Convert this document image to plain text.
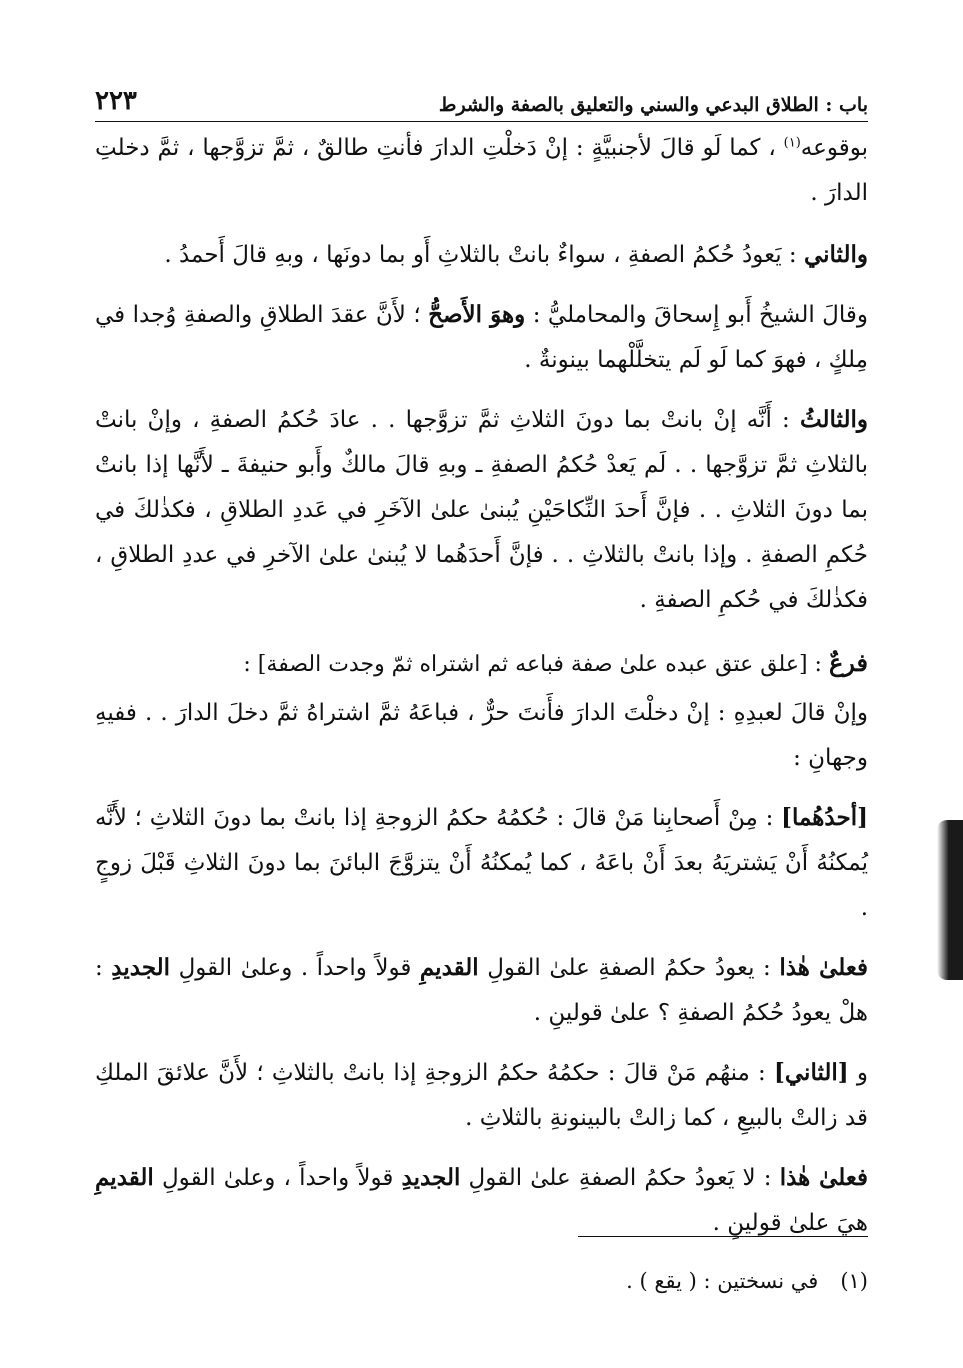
باب : الطلاق البدعي والسني والتعليق بالصفة والشرط
٢٢٣

بوقوعه$^{(١)}$ ، كما لَو قالَ لأجنبيَّةٍ : إنْ دَخلْتِ الدارَ فأنتِ طالقٌ ، ثمَّ تزوَّجها ، ثمَّ دخلتِ الدارَ .

والثاني : يَعودُ حُكمُ الصفةِ ، سواءٌ بانتْ بالثلاثِ أَو بما دونَها ، وبهِ قالَ أَحمدُ .

وقالَ الشيخُ أَبو إِسحاقَ والمحامليُّ : وهوَ الأَصحُّ ؛ لأَنَّ عقدَ الطلاقِ والصفةِ وُجدا في مِلكٍ ، فهوَ كما لَو لَم يتخلَّلْهما بينونةٌ .

والثالثُ : أَنَّه إنْ بانتْ بما دونَ الثلاثِ ثمَّ تزوَّجها . . عادَ حُكمُ الصفةِ ، وإنْ بانتْ بالثلاثِ ثمَّ تزوَّجها . . لَم يَعدْ حُكمُ الصفةِ ـ وبهِ قالَ مالكٌ وأَبو حنيفةَ ـ لأَنَّها إذا بانتْ بما دونَ الثلاثِ . . فإنَّ أَحدَ النِّكاحَيْنِ يُبنىٰ علىٰ الآخَرِ في عَددِ الطلاقِ ، فكذٰلكَ في حُكمِ الصفةِ . وإذا بانتْ بالثلاثِ . . فإنَّ أَحدَهُما لا يُبنىٰ علىٰ الآخرِ في عددِ الطلاقِ ، فكذٰلكَ في حُكمِ الصفةِ .

فرعٌ : [علق عتق عبده علىٰ صفة فباعه ثم اشتراه ثمّ وجدت الصفة] :

وإنْ قالَ لعبدِهِ : إنْ دخلْتَ الدارَ فأَنتَ حرٌّ ، فباعَهُ ثمَّ اشتراهُ ثمَّ دخلَ الدارَ . . ففيهِ وجهانِ :

[أحدُهُما] : مِنْ أَصحابِنا مَنْ قالَ : حُكمُهُ حكمُ الزوجةِ إذا بانتْ بما دونَ الثلاثِ ؛ لأَنَّه يُمكنُهُ أَنْ يَشتريَهُ بعدَ أَنْ باعَهُ ، كما يُمكنُهُ أَنْ يتزوَّجَ البائنَ بما دونَ الثلاثِ قَبْلَ زوجٍ .

فعلىٰ هٰذا : يعودُ حكمُ الصفةِ علىٰ القولِ القديمِ قولاً واحداً . وعلىٰ القولِ الجديدِ : هلْ يعودُ حُكمُ الصفةِ ؟ علىٰ قولينِ .

و [الثاني] : منهُم مَنْ قالَ : حكمُهُ حكمُ الزوجةِ إذا بانتْ بالثلاثِ ؛ لأَنَّ علائقَ الملكِ قد زالتْ بالبيعِ ، كما زالتْ بالبينونةِ بالثلاثِ .

فعلىٰ هٰذا : لا يَعودُ حكمُ الصفةِ علىٰ القولِ الجديدِ قولاً واحداً ، وعلىٰ القولِ القديمِ هيَ علىٰ قولينِ .

(١)في نسختين : ( يقع ) .
